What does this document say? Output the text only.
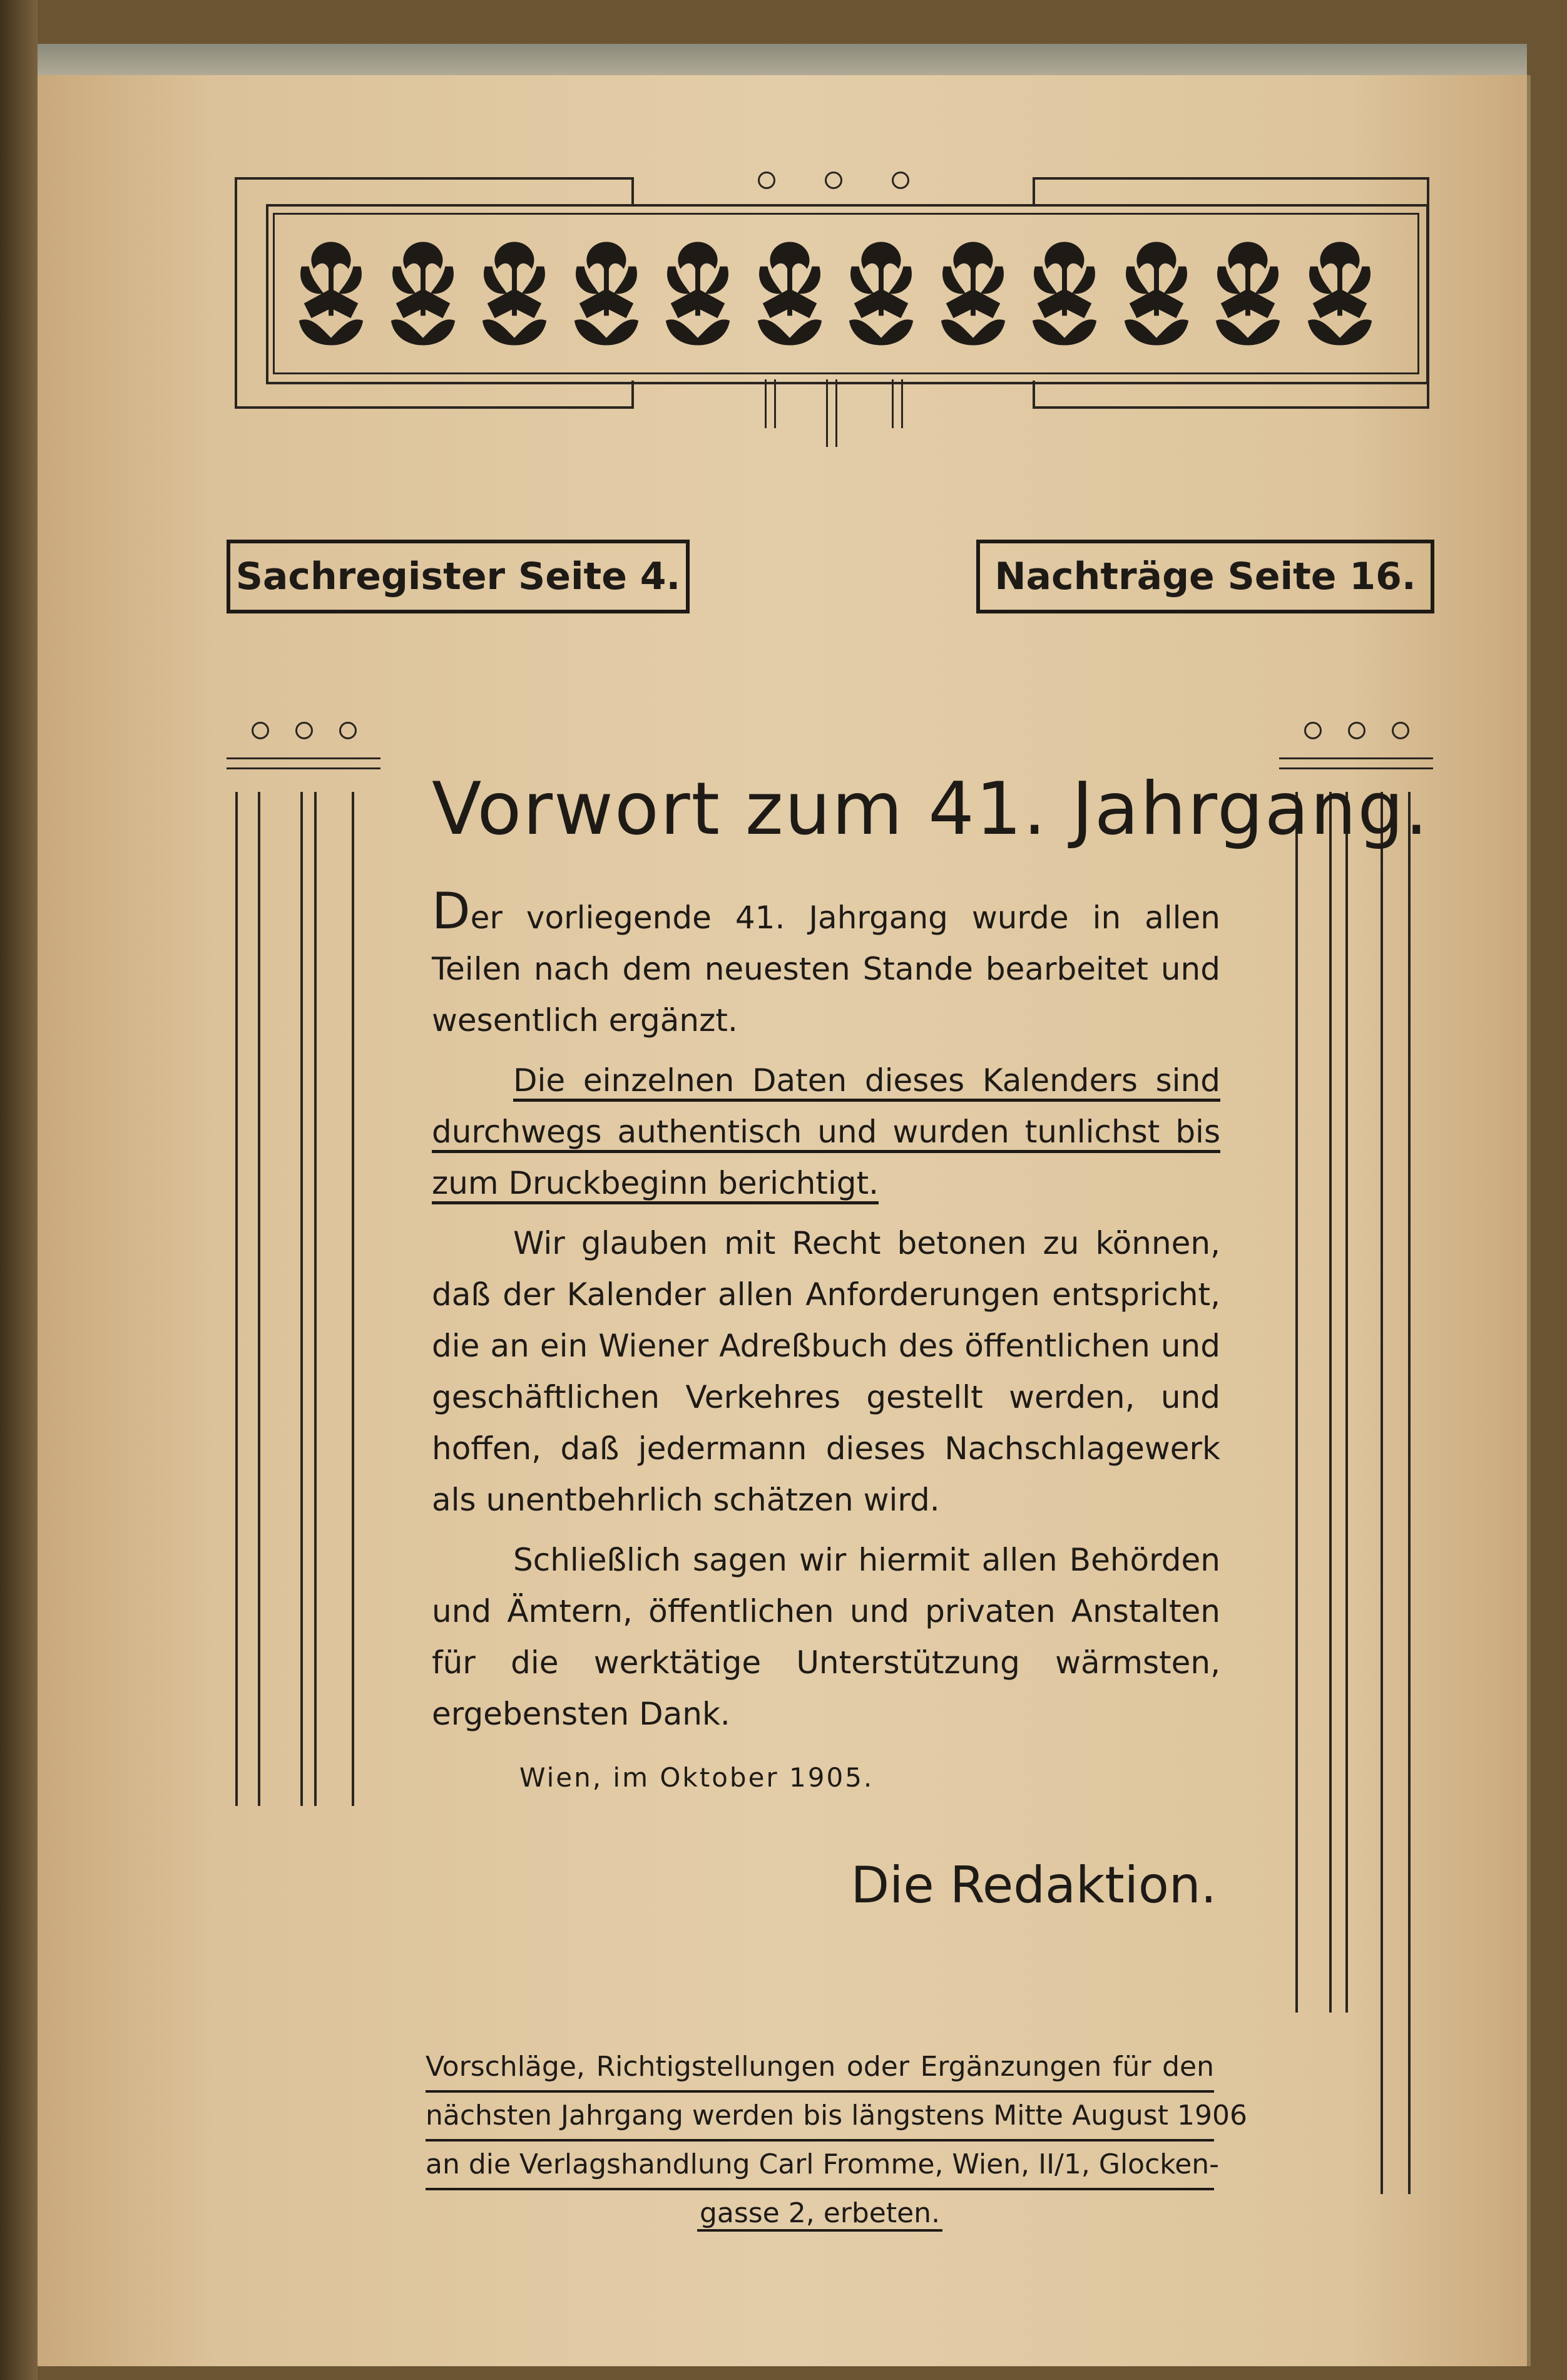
Sachregister Seite 4.	Nachträge Seite 16.
Vorwort zum 41. Jahrgang.

Der vorliegende 41. Jahrgang wurde in allen Teilen nach dem neuesten Stande bearbeitet und wesentlich ergänzt.

Die einzelnen Daten dieses Kalenders sind durchwegs authentisch und wurden tunlichst bis zum Druckbeginn berichtigt.

Wir glauben mit Recht betonen zu können, daß der Kalender allen Anforderungen entspricht, die an ein Wiener Adreßbuch des öffentlichen und geschäftlichen Verkehres gestellt werden, und hoffen, daß jedermann dieses Nachschlagewerk als unentbehrlich schätzen wird.

Schließlich sagen wir hiermit allen Behörden und Ämtern, öffentlichen und privaten Anstalten für die werktätige Unterstützung wärmsten, ergebensten Dank.

Wien, im Oktober 1905.
Die Redaktion.
Vorschläge, Richtigstellungen oder Ergänzungen für den
nächsten Jahrgang werden bis längstens Mitte August 1906
an die Verlagshandlung Carl Fromme, Wien, II/1, Glocken-
gasse 2, erbeten.
